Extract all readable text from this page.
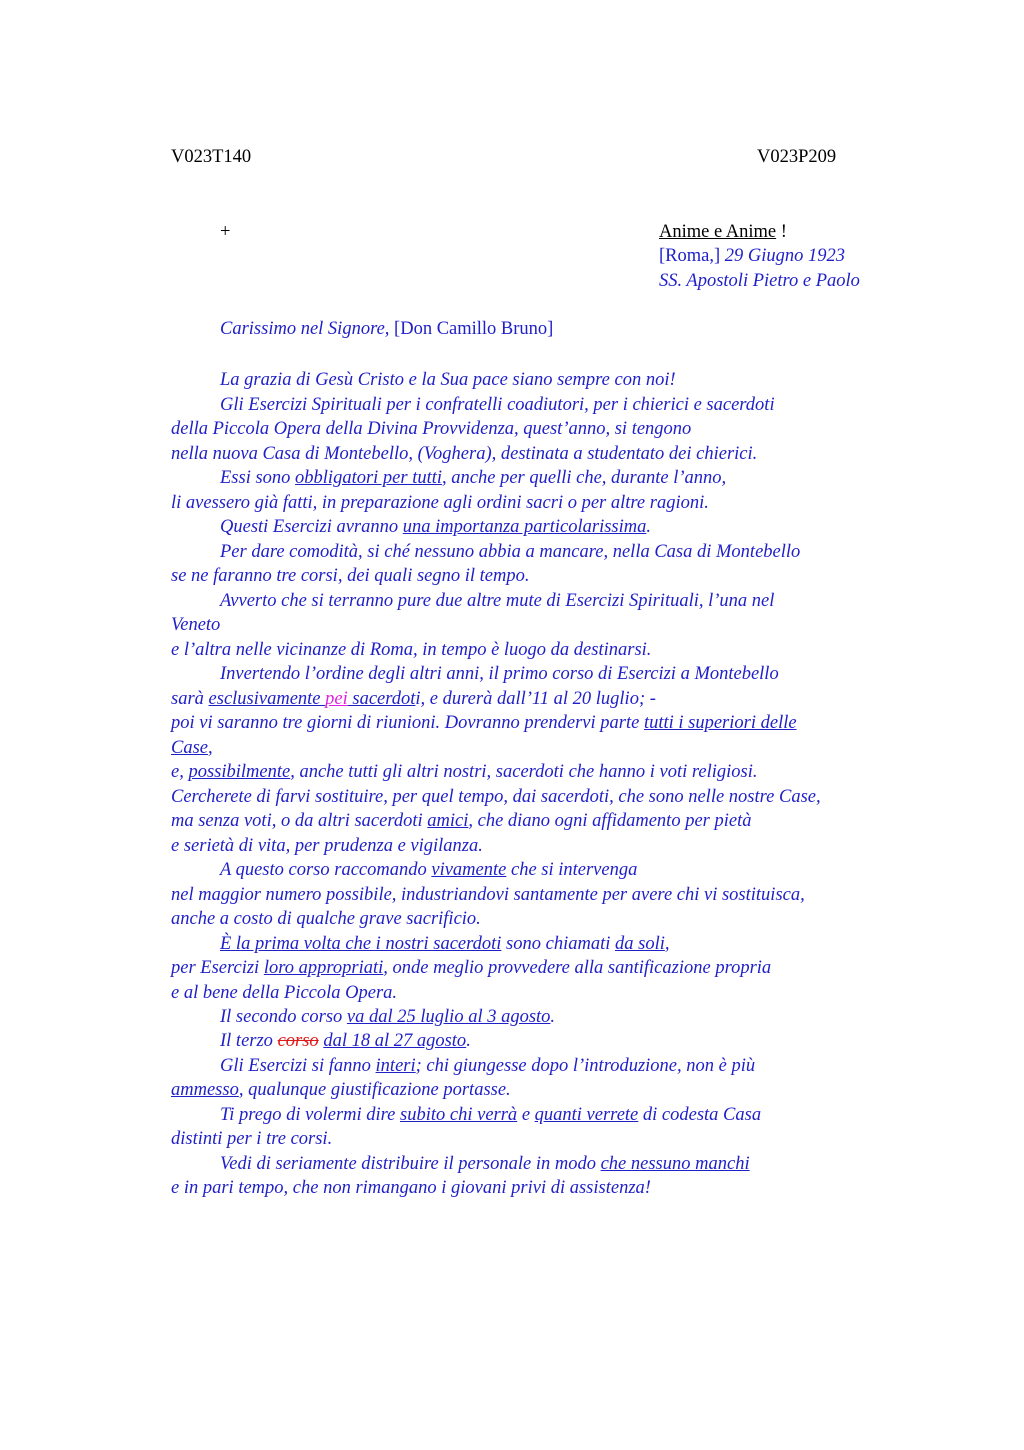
V023T140	V023P209
+	Anime e Anime !
[Roma,] 29 Giugno 1923
SS. Apostoli Pietro e Paolo
Carissimo nel Signore, [Don Camillo Bruno]
La grazia di Gesù Cristo e la Sua pace siano sempre con noi!
Gli Esercizi Spirituali per i confratelli coadiutori, per i chierici e sacerdoti
della Piccola Opera della Divina Provvidenza, quest’anno, si tengono
nella nuova Casa di Montebello, (Voghera), destinata a studentato dei chierici.
Essi sono obbligatori per tutti, anche per quelli che, durante l’anno,
li avessero già fatti, in preparazione agli ordini sacri o per altre ragioni.
Questi Esercizi avranno una importanza particolarissima.
Per dare comodità, si ché nessuno abbia a mancare, nella Casa di Montebello
se ne faranno tre corsi, dei quali segno il tempo.
Avverto che si terranno pure due altre mute di Esercizi Spirituali, l’una nel
Veneto
e l’altra nelle vicinanze di Roma, in tempo è luogo da destinarsi.
Invertendo l’ordine degli altri anni, il primo corso di Esercizi a Montebello
sarà esclusivamente pei sacerdoti, e durerà dall’11 al 20 luglio; -
poi vi saranno tre giorni di riunioni. Dovranno prendervi parte tutti i superiori delle
Case,
e, possibilmente, anche tutti gli altri nostri, sacerdoti che hanno i voti religiosi.
Cercherete di farvi sostituire, per quel tempo, dai sacerdoti, che sono nelle nostre Case,
ma senza voti, o da altri sacerdoti amici, che diano ogni affidamento per pietà
e serietà di vita, per prudenza e vigilanza.
A questo corso raccomando vivamente che si intervenga
nel maggior numero possibile, industriandovi santamente per avere chi vi sostituisca,
anche a costo di qualche grave sacrificio.
È la prima volta che i nostri sacerdoti sono chiamati da soli,
per Esercizi loro appropriati, onde meglio provvedere alla santificazione propria
e al bene della Piccola Opera.
Il secondo corso va dal 25 luglio al 3 agosto.
Il terzo corso dal 18 al 27 agosto.
Gli Esercizi si fanno interi; chi giungesse dopo l’introduzione, non è più
ammesso, qualunque giustificazione portasse.
Ti prego di volermi dire subito chi verrà e quanti verrete di codesta Casa
distinti per i tre corsi.
Vedi di seriamente distribuire il personale in modo che nessuno manchi
e in pari tempo, che non rimangano i giovani privi di assistenza!
